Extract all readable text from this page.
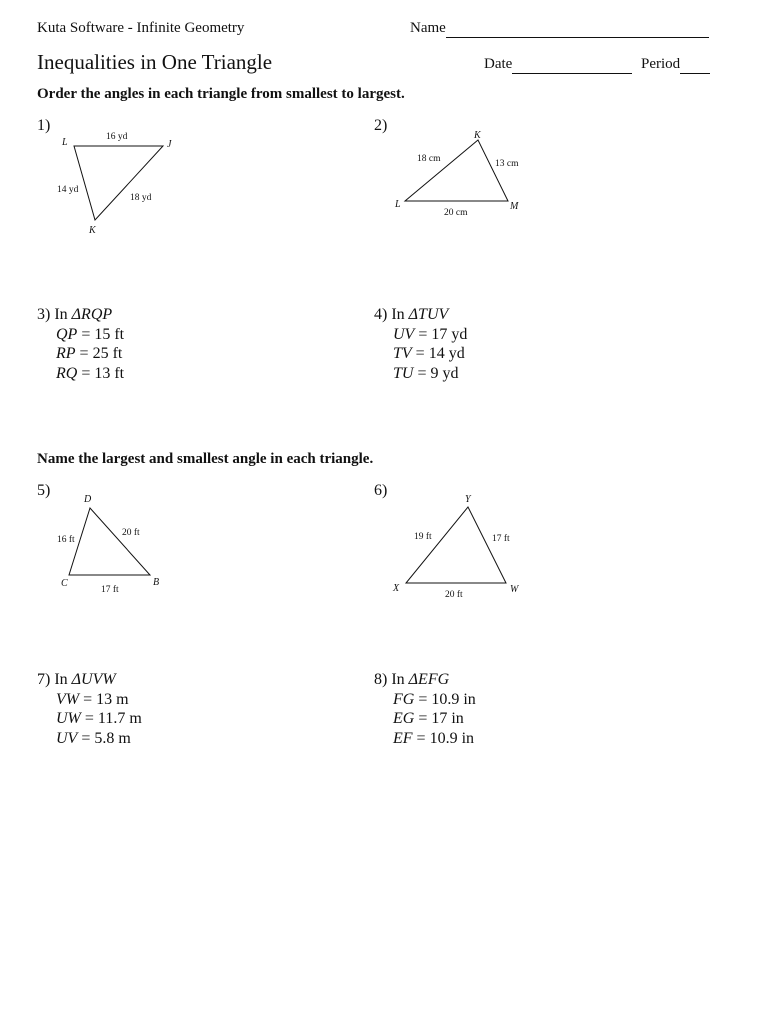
Kuta Software - Infinite Geometry	Name
Inequalities in One Triangle	Date	Period
Order the angles in each triangle from smallest to largest.
1)	2)
5)	6)
L	J
K
16 yd
14 yd
18 yd
K
L	M
18 cm	13 cm
20 cm
D
C	B
16 ft
20 ft
17 ft
Y
X	W
19 ft	17 ft
20 ft
3) In ΔRQP
QP = 15 ft
RP = 25 ft
RQ = 13 ft
4) In ΔTUV
UV = 17 yd
TV = 14 yd
TU = 9 yd
Name the largest and smallest angle in each triangle.
7) In ΔUVW
VW = 13 m
UW = 11.7 m
UV = 5.8 m
8) In ΔEFG
FG = 10.9 in
EG = 17 in
EF = 10.9 in
